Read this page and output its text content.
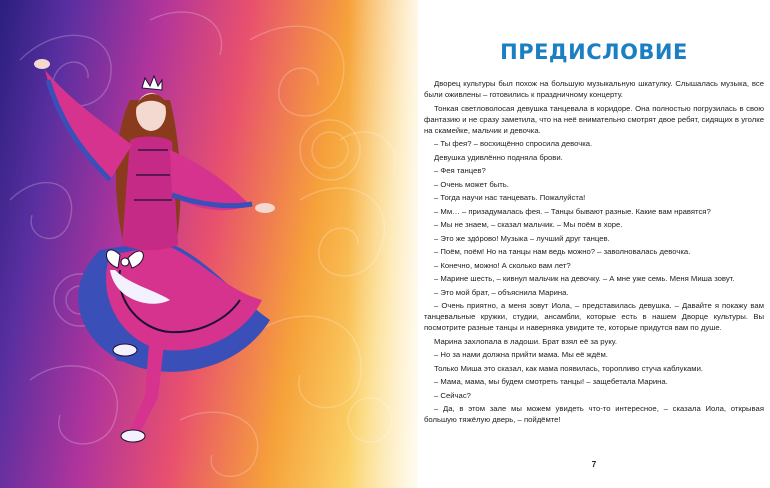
ПРЕДИСЛОВИЕ

Дворец культуры был похож на большую музыкальную шкатулку. Слышалась музыка, все были оживлены – готовились к праздничному концерту.

Тонкая светловолосая девушка танцевала в коридоре. Она полностью погрузилась в свою фантазию и не сразу заметила, что на неё внимательно смотрят двое ребят, сидящих в уголке на скамейке, мальчик и девочка.

– Ты фея? – восхищённо спросила девочка.

Девушка удивлённо подняла брови.

– Фея танцев?

– Очень может быть.

– Тогда научи нас танцевать. Пожалуйста!

– Мм… – призадумалась фея. – Танцы бывают разные. Какие вам нравятся?

– Мы не знаем, – сказал мальчик. – Мы поём в хоре.

– Это же здо́рово! Музыка – лучший друг танцев.

– Поём, поём! Но на танцы нам ведь можно? – заволновалась девочка.

– Конечно, можно! А сколько вам лет?

– Марине шесть, – кивнул мальчик на девочку. – А мне уже семь. Меня Миша зовут.

– Это мой брат, – объяснила Марина.

– Очень приятно, а меня зовут Иола, – представилась девушка. – Давайте я покажу вам танцевальные кружки, студии, ансамбли, которые есть в нашем Дворце культуры. Вы посмотрите разные танцы и наверняка увидите те, которые придутся вам по душе.

Марина захлопала в ладоши. Брат взял её за руку.

– Но за нами должна прийти мама. Мы её ждём.

Только Миша это сказал, как мама появилась, торопливо стуча каблуками.

– Мама, мама, мы будем смотреть танцы! – защебетала Марина.

– Сейчас?

– Да, в этом зале мы можем увидеть что-то интересное, – сказала Иола, открывая большую тяжёлую дверь, – пойдёмте!

7
